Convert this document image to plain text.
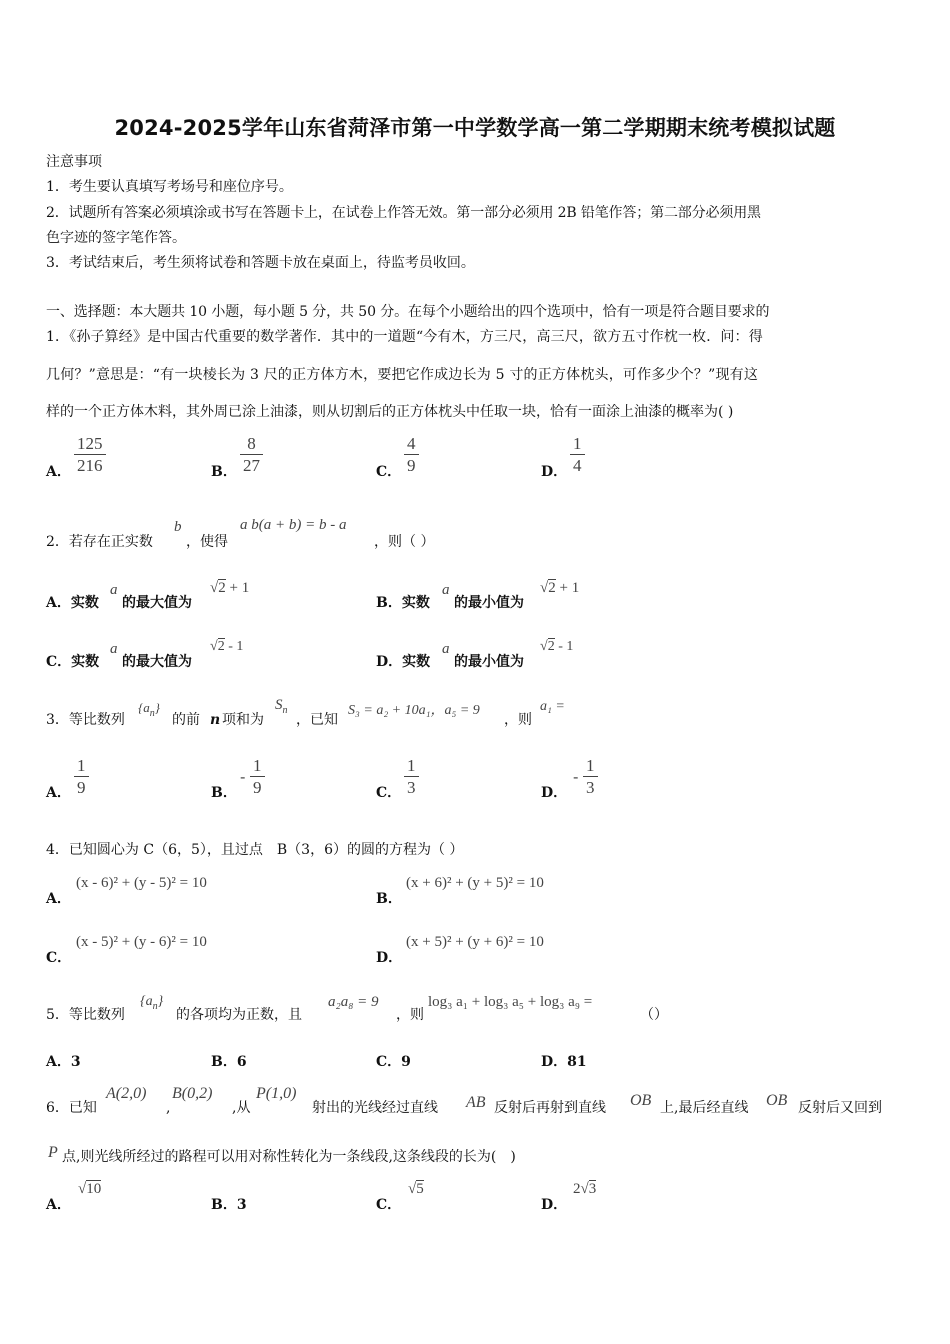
2024-2025学年山东省菏泽市第一中学数学高一第二学期期末统考模拟试题
注意事项
1．考生要认真填写考场号和座位序号。
2．试题所有答案必须填涂或书写在答题卡上，在试卷上作答无效。第一部分必须用 2B 铅笔作答；第二部分必须用黑
色字迹的签字笔作答。
3．考试结束后，考生须将试卷和答题卡放在桌面上，待监考员收回。
一、选择题：本大题共 10 小题，每小题 5 分，共 50 分。在每个小题给出的四个选项中，恰有一项是符合题目要求的
1．《孙子算经》是中国古代重要的数学著作．其中的一道题“今有木，方三尺，高三尺，欲方五寸作枕一枚．问：得
几何？”意思是：“有一块棱长为 3 尺的正方体方木，要把它作成边长为 5 寸的正方体枕头，可作多少个？”现有这
样的一个正方体木料，其外周已涂上油漆，则从切割后的正方体枕头中任取一块，恰有一面涂上油漆的概率为( )
A． $\frac{125}{216}$	B． $\frac{8}{27}$	C． $\frac{4}{9}$	D． $\frac{1}{4}$
2．若存在正实数
b
，使得
a b(a + b) = b - a
，则（ ）
A．实数
a
的最大值为
√2 + 1
B．实数
a
的最小值为
√2 + 1
C．实数
a
的最大值为
√2 - 1
D．实数
a
的最小值为
√2 - 1
3．等比数列
$\{a_n\}$
的前 n 项和为
$S_n$
，已知
S₃ = a₂ + 10a₁，a₅ = 9
，则
a₁ =
A． $\frac{1}{9}$	B．
- $\frac{1}{9}$	C． $\frac{1}{3}$	D．
- $\frac{1}{3}$
4．已知圆心为 C（6，5），且过点　B（3，6）的圆的方程为（ ）
A．
(x - 6)² + (y - 5)² = 10
B．
(x + 6)² + (y + 5)² = 10
C．
(x - 5)² + (y - 6)² = 10
D．
(x + 5)² + (y + 6)² = 10
5．等比数列
$\{a_n\}$
的各项均为正数，且
a₂a₈ = 9
，则
log₃ a₁ + log₃ a₅ + log₃ a₉ =
（）
A．3	B．6	C．9	D．81
6．已知
A(2,0)
,
B(0,2)
,从
P(1,0)
射出的光线经过直线 AB 反射后再射到直线 OB 上,最后经直线 OB 反射后又回到
P 点,则光线所经过的路程可以用对称性转化为一条线段,这条线段的长为(　)
A．
√10
B．3	C．
√5
D．
2√3
